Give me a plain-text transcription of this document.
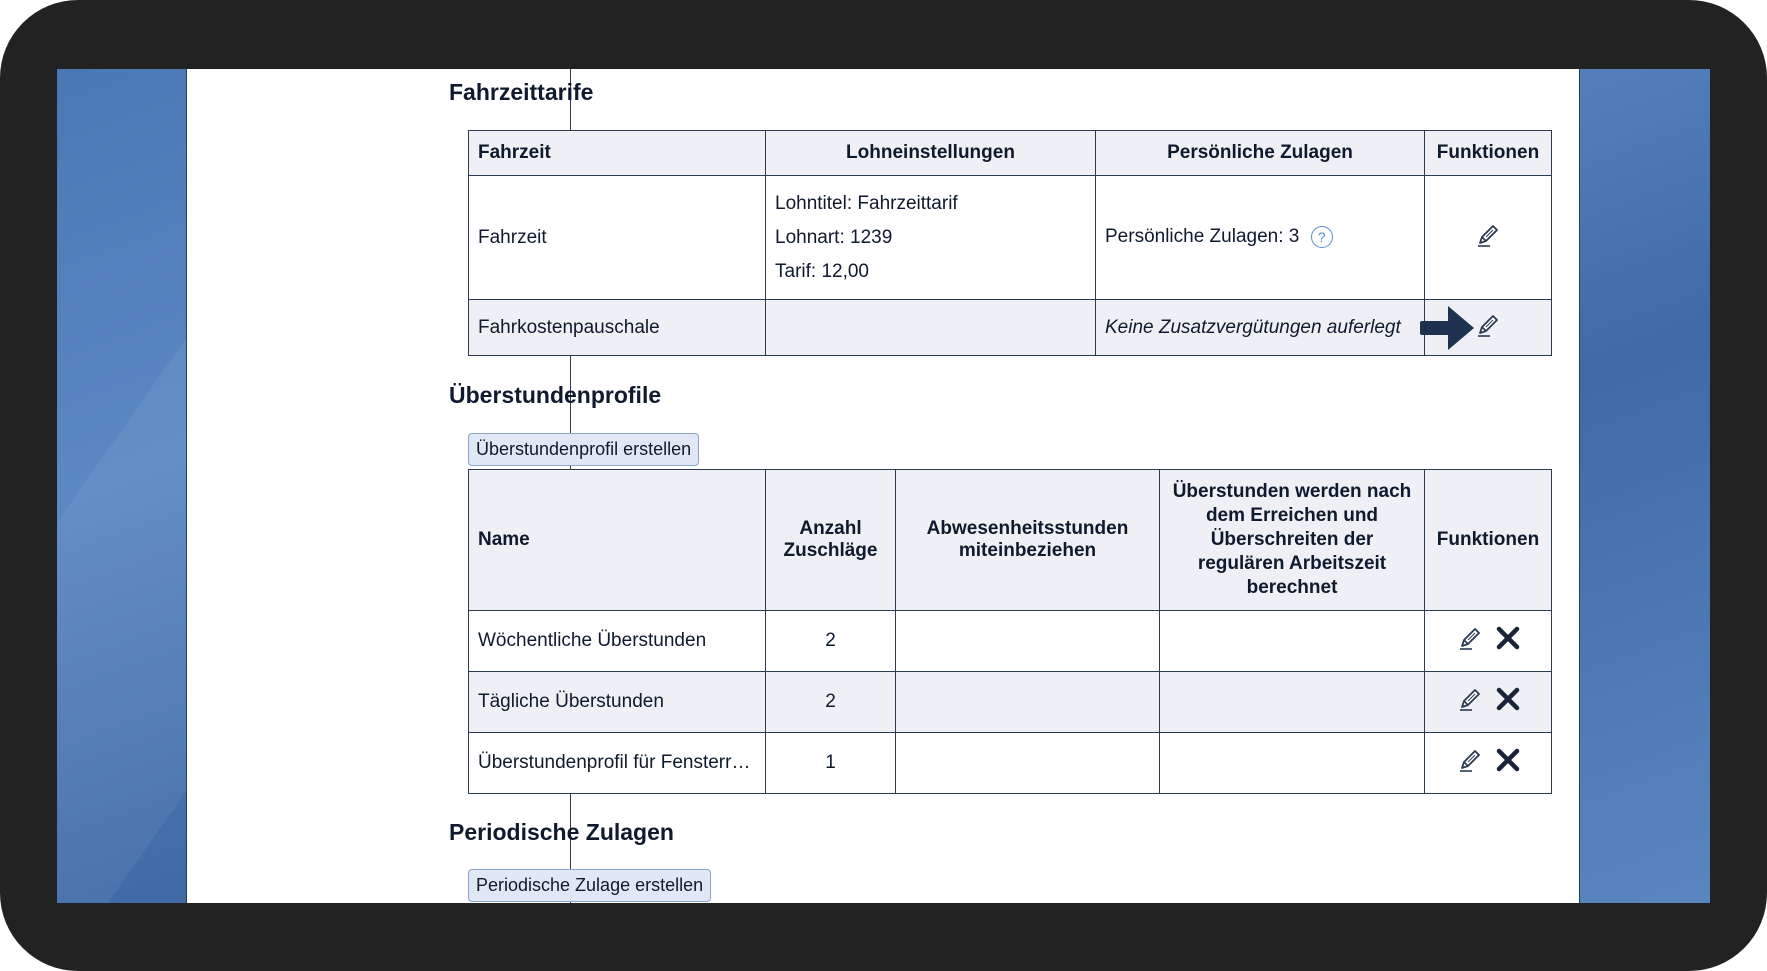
Fahrzeittarife
Fahrzeit	Lohneinstellungen	Persönliche Zulagen	Funktionen
Fahrzeit	Lohntitel: Fahrzeittarif
Lohnart: 1239
Tarif: 12,00	Persönliche Zulagen: 3 ?	
Fahrkostenpauschale		Keine Zusatzvergütungen auferlegt	
Überstundenprofile
Überstundenprofil erstellen
Name	Anzahl Zuschläge	Abwesenheitsstunden miteinbeziehen	Überstunden werden nach dem Erreichen und Überschreiten der regulären Arbeitszeit berechnet	Funktionen
Wöchentliche Überstunden	2			
Tägliche Überstunden	2			
Überstundenprofil für Fensterr…	1			
Periodische Zulagen
Periodische Zulage erstellen
